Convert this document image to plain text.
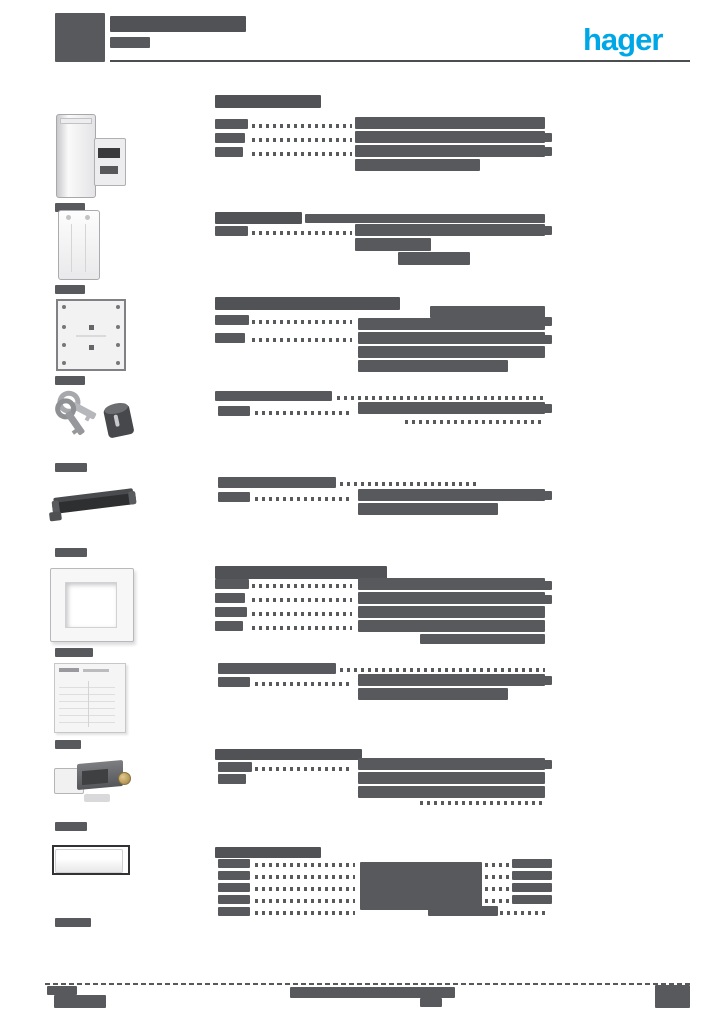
hager
